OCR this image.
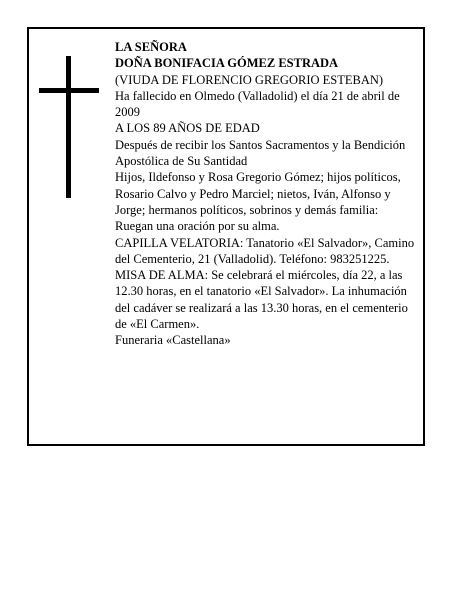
LA SEÑORA

DOÑA BONIFACIA GÓMEZ ESTRADA

(VIUDA DE FLORENCIO GREGORIO ESTEBAN)

Ha fallecido en Olmedo (Valladolid) el día 21 de abril de 2009

A LOS 89 AÑOS DE EDAD

Después de recibir los Santos Sacramentos y la Bendición Apostólica de Su Santidad

Hijos, Ildefonso y Rosa Gregorio Gómez; hijos políticos, Rosario Calvo y Pedro Marciel; nietos, Iván, Alfonso y Jorge; hermanos políticos, sobrinos y demás familia:

Ruegan una oración por su alma.

CAPILLA VELATORIA: Tanatorio «El Salvador», Camino del Cementerio, 21 (Valladolid). Teléfono: 983251225.

MISA DE ALMA: Se celebrará el miércoles, día 22, a las 12.30 horas, en el tanatorio «El Salvador». La inhumación del cadáver se realizará a las 13.30 horas, en el cementerio de «El Carmen».

Funeraria «Castellana»
